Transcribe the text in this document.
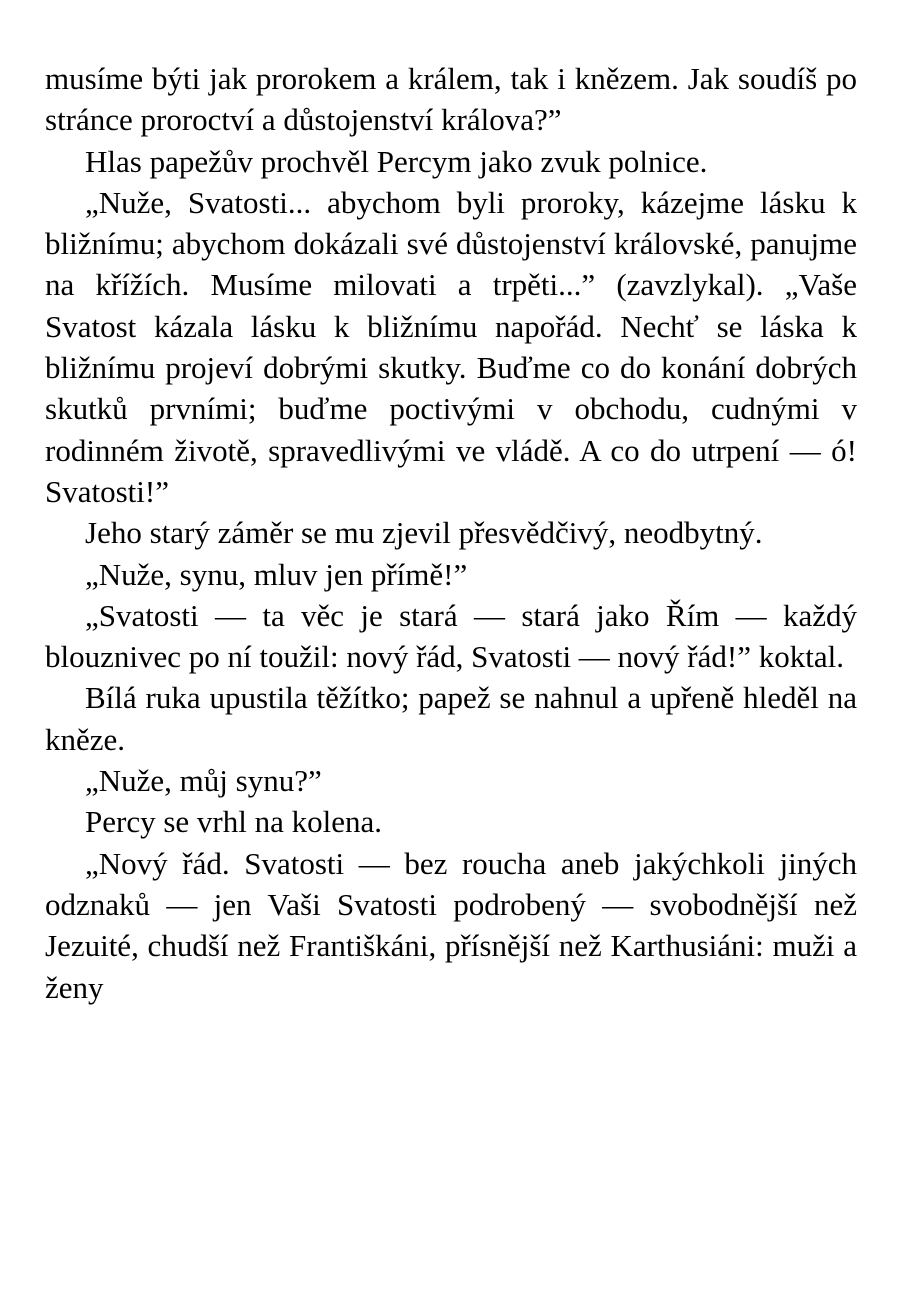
musíme býti jak prorokem a králem, tak i knězem. Jak soudíš po stránce proroctví a důstojenství králova?”

Hlas papežův prochvěl Percym jako zvuk polnice.

„Nuže, Svatosti... abychom byli proroky, kázejme lásku k bližnímu; abychom dokázali své důstojenství královské, panujme na křížích. Musíme milovati a trpěti...” (zavzlykal). „Vaše Svatost kázala lásku k bližnímu napořád. Nechť se láska k bližnímu projeví dobrými skutky. Buďme co do konání dobrých skutků prvními; buďme poctivými v obchodu, cudnými v rodinném životě, spravedlivými ve vládě. A co do utrpení — ó! Svatosti!”

Jeho starý záměr se mu zjevil přesvědčivý, neodbytný.

„Nuže, synu, mluv jen přímě!”

„Svatosti — ta věc je stará — stará jako Řím — každý blouznivec po ní toužil: nový řád, Svatosti — nový řád!” koktal.

Bílá ruka upustila těžítko; papež se nahnul a upřeně hleděl na kněze.

„Nuže, můj synu?”

Percy se vrhl na kolena.

„Nový řád. Svatosti — bez roucha aneb jakýchkoli jiných odznaků — jen Vaši Svatosti podrobený — svobodnější než Jezuité, chudší než Františkáni, přísnější než Karthusiáni: muži a ženy
